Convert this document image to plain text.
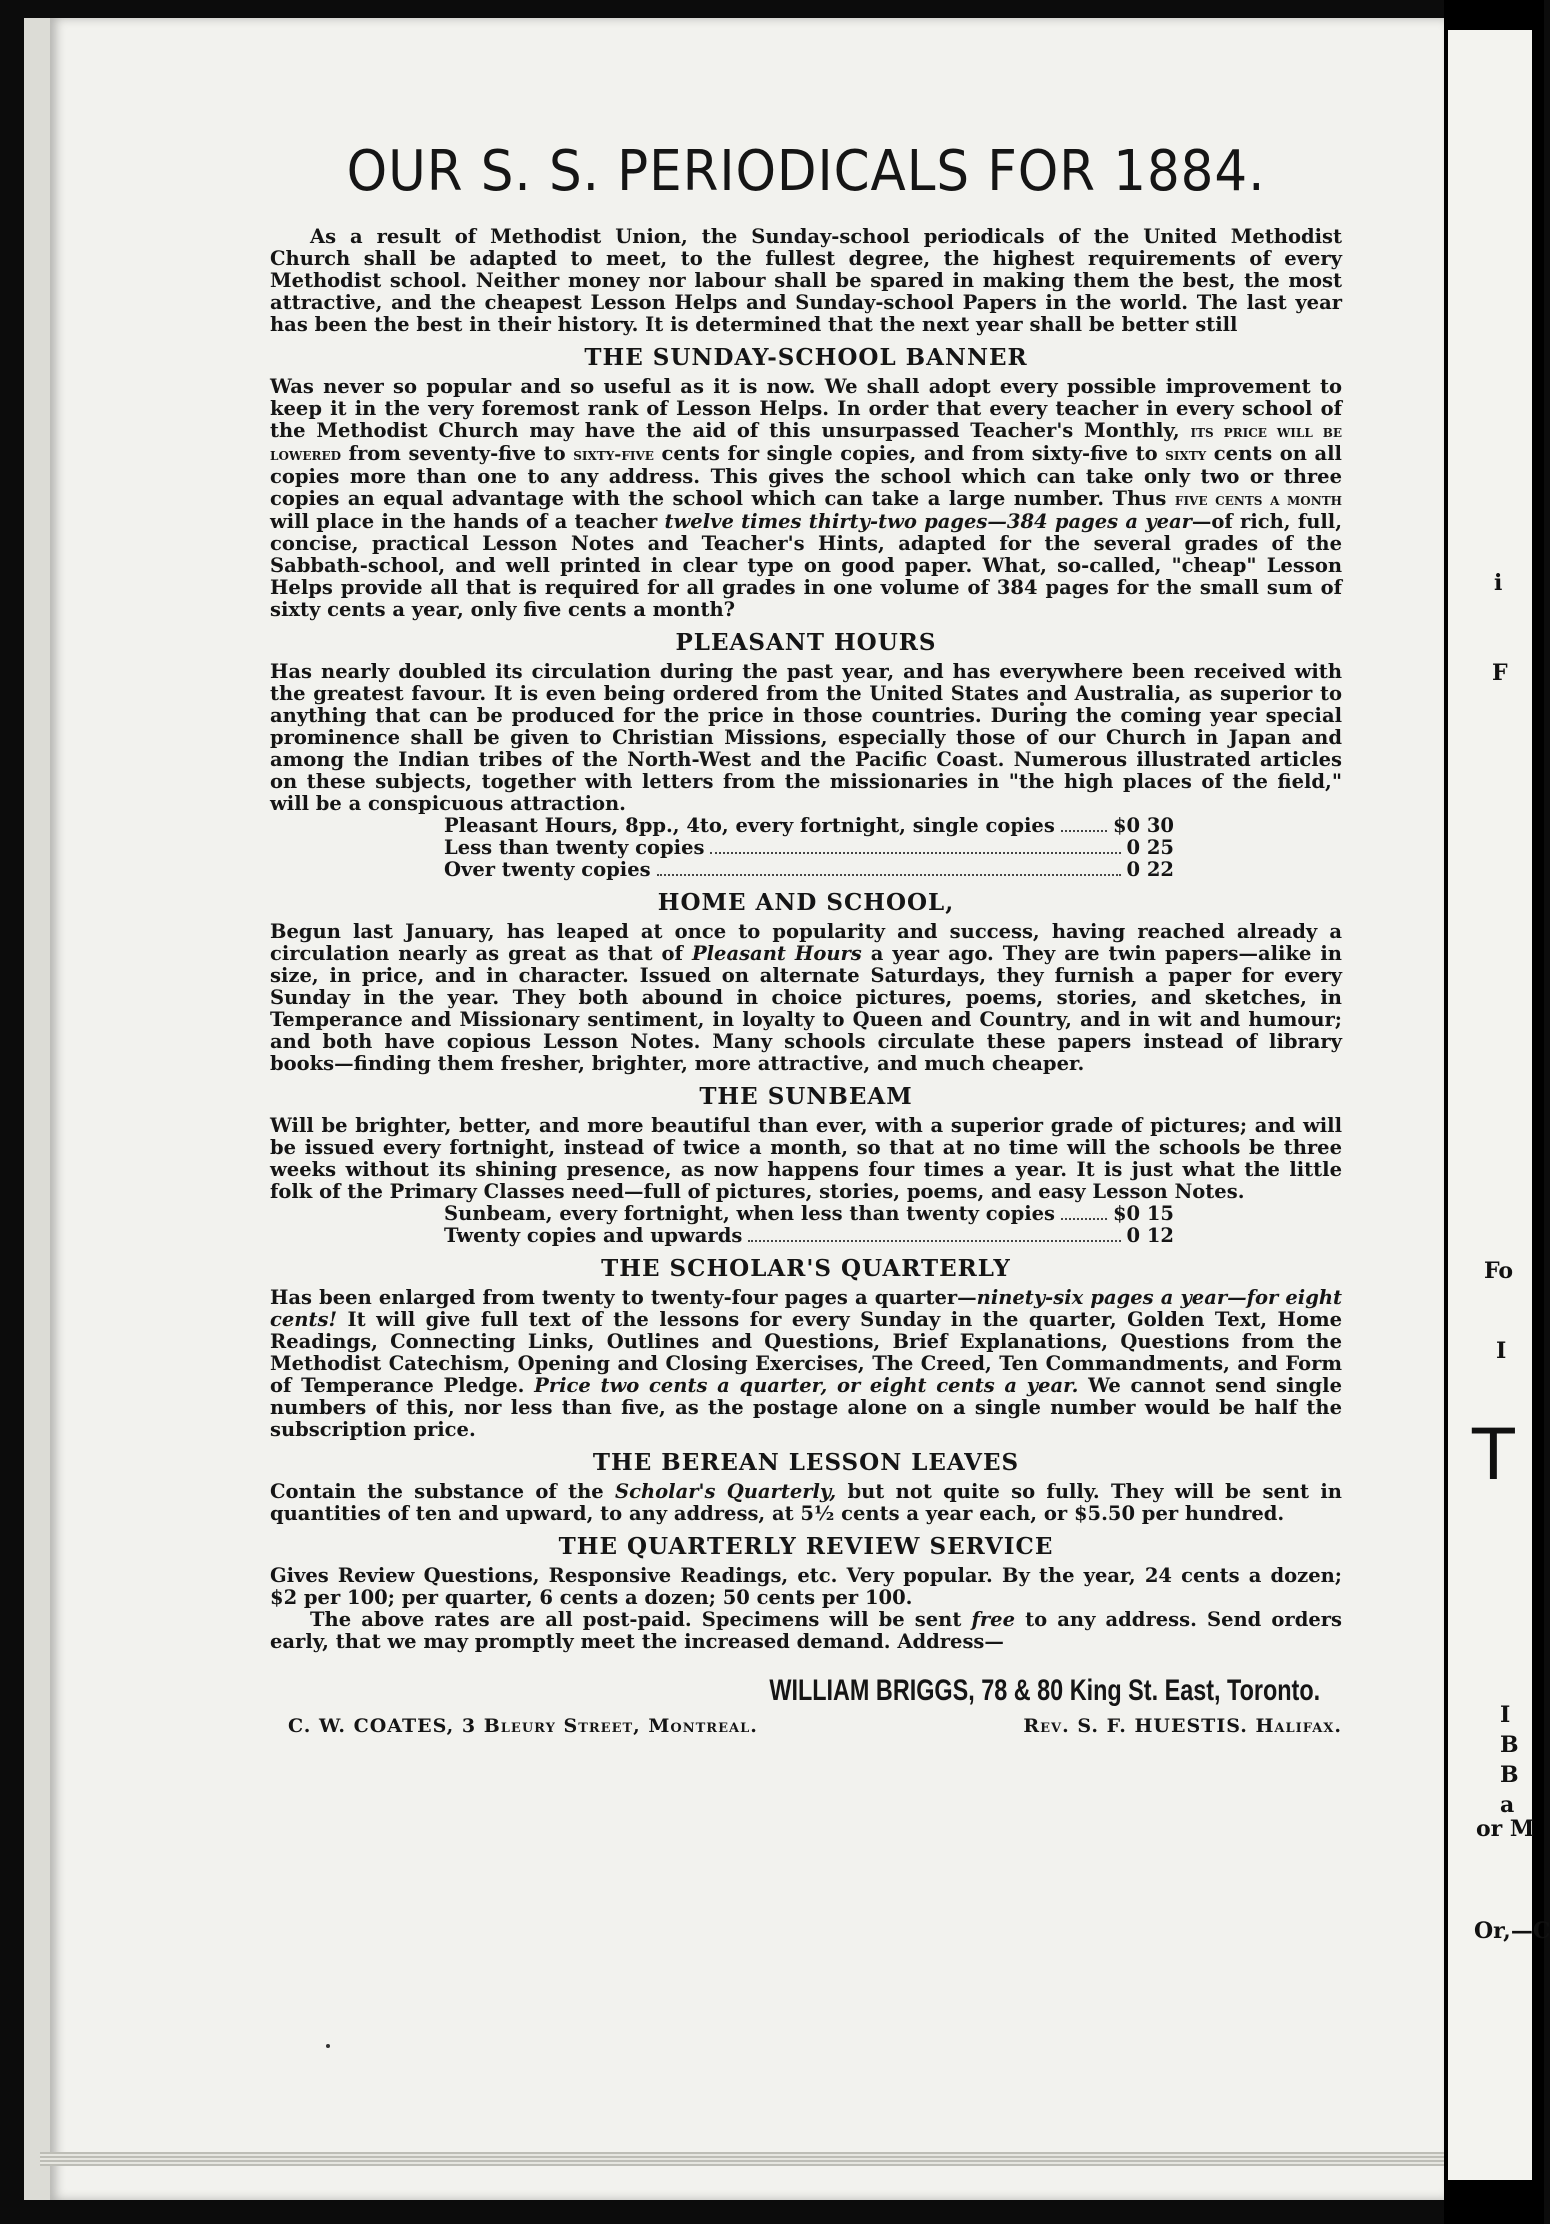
i
F
Fo
I
T
I
B
B
a
or M
Or,—C
OUR S. S. PERIODICALS FOR 1884.

As a result of Methodist Union, the Sunday-school periodicals of the United Methodist Church shall be adapted to meet, to the fullest degree, the highest requirements of every Methodist school. Neither money nor labour shall be spared in making them the best, the most attractive, and the cheapest Lesson Helps and Sunday-school Papers in the world. The last year has been the best in their history. It is determined that the next year shall be better still

THE SUNDAY-SCHOOL BANNER

Was never so popular and so useful as it is now. We shall adopt every possible improvement to keep it in the very foremost rank of Lesson Helps. In order that every teacher in every school of the Methodist Church may have the aid of this unsurpassed Teacher's Monthly, its price will be lowered from seventy-five to sixty-five cents for single copies, and from sixty-five to sixty cents on all copies more than one to any address. This gives the school which can take only two or three copies an equal advantage with the school which can take a large number. Thus five cents a month will place in the hands of a teacher twelve times thirty-two pages—384 pages a year—of rich, full, concise, practical Lesson Notes and Teacher's Hints, adapted for the several grades of the Sabbath-school, and well printed in clear type on good paper. What, so-called, "cheap" Lesson Helps provide all that is required for all grades in one volume of 384 pages for the small sum of sixty cents a year, only five cents a month?

PLEASANT HOURS

Has nearly doubled its circulation during the past year, and has everywhere been received with the greatest favour. It is even being ordered from the United States and Australia, as superior to anything that can be produced for the price in those countries. During the coming year special prominence shall be given to Christian Missions, especially those of our Church in Japan and among the Indian tribes of the North-West and the Pacific Coast. Numerous illustrated articles on these subjects, together with letters from the missionaries in "the high places of the field," will be a conspicuous attraction.

Pleasant Hours, 8pp., 4to, every fortnight, single copies	$0 30
Less than twenty copies	0 25
Over twenty copies	0 22
HOME AND SCHOOL,

Begun last January, has leaped at once to popularity and success, having reached already a circulation nearly as great as that of Pleasant Hours a year ago. They are twin papers—alike in size, in price, and in character. Issued on alternate Saturdays, they furnish a paper for every Sunday in the year. They both abound in choice pictures, poems, stories, and sketches, in Temperance and Missionary sentiment, in loyalty to Queen and Country, and in wit and humour; and both have copious Lesson Notes. Many schools circulate these papers instead of library books—finding them fresher, brighter, more attractive, and much cheaper.

THE SUNBEAM

Will be brighter, better, and more beautiful than ever, with a superior grade of pictures; and will be issued every fortnight, instead of twice a month, so that at no time will the schools be three weeks without its shining presence, as now happens four times a year. It is just what the little folk of the Primary Classes need—full of pictures, stories, poems, and easy Lesson Notes.

Sunbeam, every fortnight, when less than twenty copies	$0 15
Twenty copies and upwards	0 12
THE SCHOLAR'S QUARTERLY

Has been enlarged from twenty to twenty-four pages a quarter—ninety-six pages a year—for eight cents! It will give full text of the lessons for every Sunday in the quarter, Golden Text, Home Readings, Connecting Links, Outlines and Questions, Brief Explanations, Questions from the Methodist Catechism, Opening and Closing Exercises, The Creed, Ten Commandments, and Form of Temperance Pledge. Price two cents a quarter, or eight cents a year. We cannot send single numbers of this, nor less than five, as the postage alone on a single number would be half the subscription price.

THE BEREAN LESSON LEAVES

Contain the substance of the Scholar's Quarterly, but not quite so fully. They will be sent in quantities of ten and upward, to any address, at 5½ cents a year each, or $5.50 per hundred.

THE QUARTERLY REVIEW SERVICE

Gives Review Questions, Responsive Readings, etc. Very popular. By the year, 24 cents a dozen; $2 per 100; per quarter, 6 cents a dozen; 50 cents per 100.

The above rates are all post-paid. Specimens will be sent free to any address. Send orders early, that we may promptly meet the increased demand. Address—

WILLIAM BRIGGS, 78 & 80 King St. East, Toronto.
C. W. COATES, 3 Bleury Street, Montreal.	Rev. S. F. HUESTIS. Halifax.
